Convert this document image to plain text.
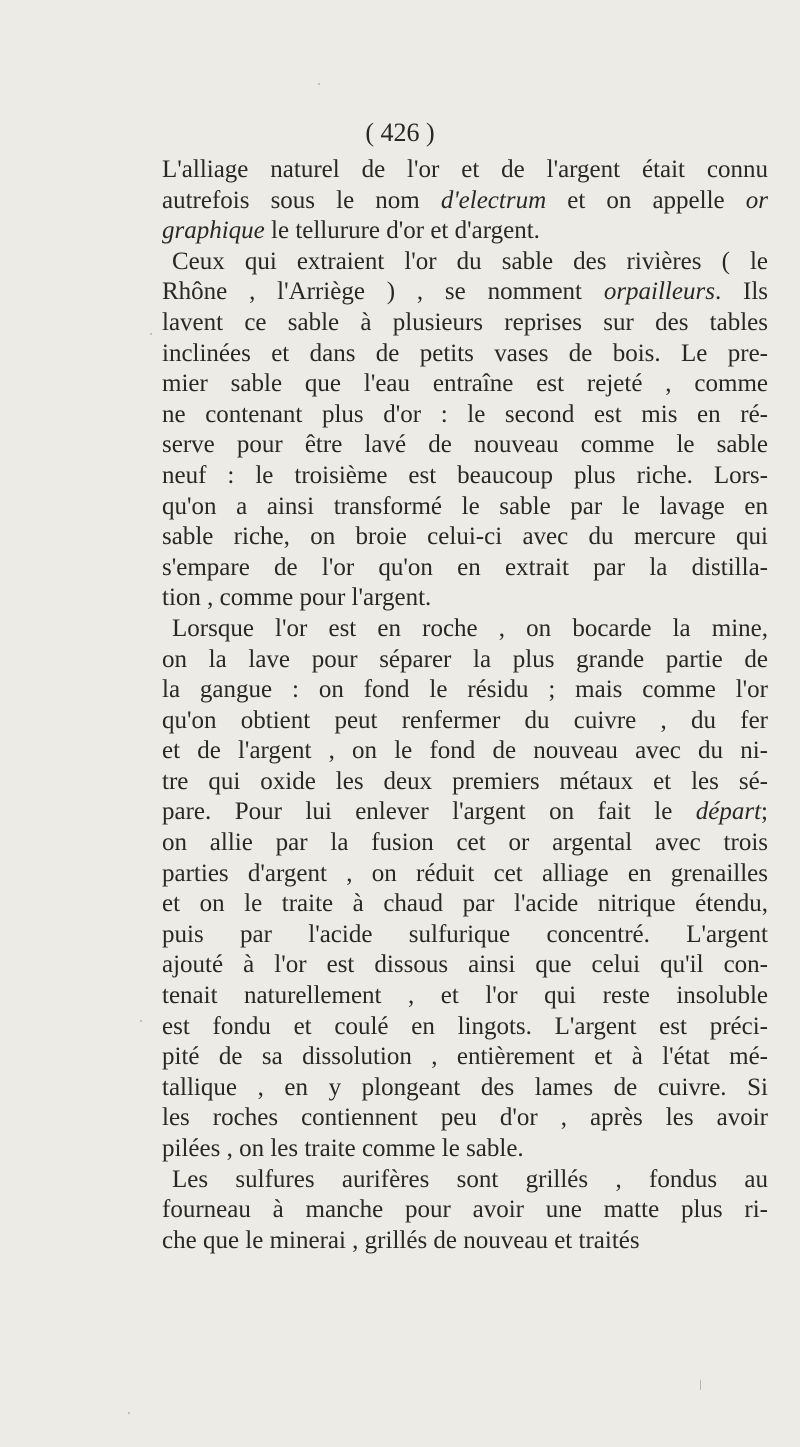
( 426 )
L'alliage naturel de l'or et de l'argent était connu
autrefois sous le nom d'electrum et on appelle or
graphique le tellurure d'or et d'argent.
Ceux qui extraient l'or du sable des rivières ( le
Rhône , l'Arriège ) , se nomment orpailleurs. Ils
lavent ce sable à plusieurs reprises sur des tables
inclinées et dans de petits vases de bois. Le pre-
mier sable que l'eau entraîne est rejeté , comme
ne contenant plus d'or : le second est mis en ré-
serve pour être lavé de nouveau comme le sable
neuf : le troisième est beaucoup plus riche. Lors-
qu'on a ainsi transformé le sable par le lavage en
sable riche, on broie celui-ci avec du mercure qui
s'empare de l'or qu'on en extrait par la distilla-
tion , comme pour l'argent.
Lorsque l'or est en roche , on bocarde la mine,
on la lave pour séparer la plus grande partie de
la gangue : on fond le résidu ; mais comme l'or
qu'on obtient peut renfermer du cuivre , du fer
et de l'argent , on le fond de nouveau avec du ni-
tre qui oxide les deux premiers métaux et les sé-
pare. Pour lui enlever l'argent on fait le départ;
on allie par la fusion cet or argental avec trois
parties d'argent , on réduit cet alliage en grenailles
et on le traite à chaud par l'acide nitrique étendu,
puis par l'acide sulfurique concentré. L'argent
ajouté à l'or est dissous ainsi que celui qu'il con-
tenait naturellement , et l'or qui reste insoluble
est fondu et coulé en lingots. L'argent est préci-
pité de sa dissolution , entièrement et à l'état mé-
tallique , en y plongeant des lames de cuivre. Si
les roches contiennent peu d'or , après les avoir
pilées , on les traite comme le sable.
Les sulfures aurifères sont grillés , fondus au
fourneau à manche pour avoir une matte plus ri-
che que le minerai , grillés de nouveau et traités
